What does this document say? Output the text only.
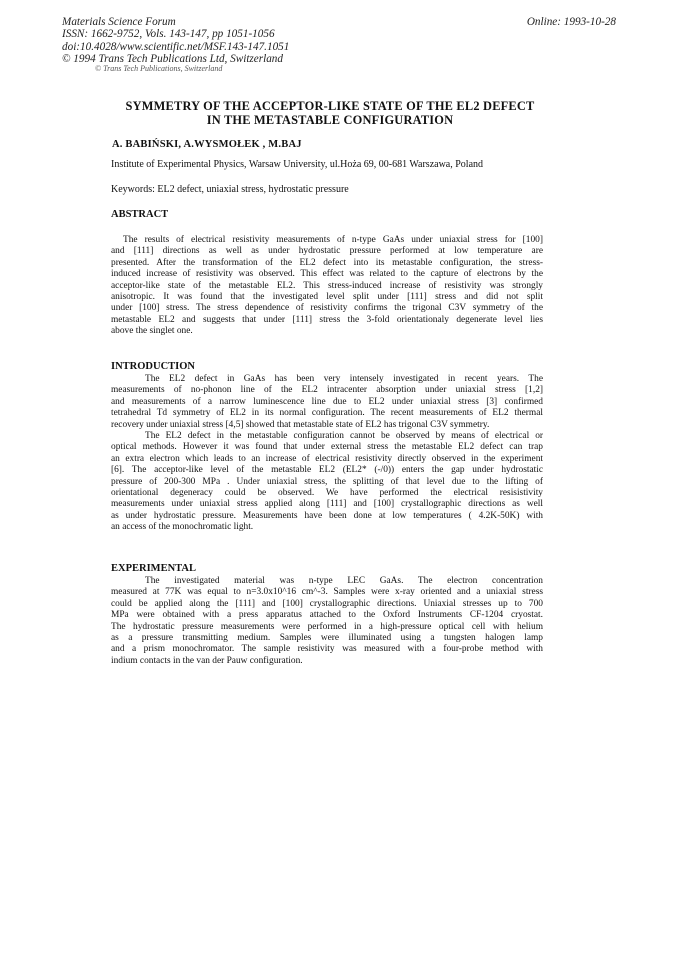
Materials Science Forum
ISSN: 1662-9752, Vols. 143-147, pp 1051-1056
doi:10.4028/www.scientific.net/MSF.143-147.1051
© 1994 Trans Tech Publications Ltd, Switzerland
Online: 1993-10-28
© Trans Tech Publications, Switzerland
SYMMETRY OF THE ACCEPTOR-LIKE STATE OF THE EL2 DEFECT
IN THE METASTABLE CONFIGURATION
A. BABIŃSKI, A.WYSMOŁEK , M.BAJ
Institute of Experimental Physics, Warsaw University, ul.Hoża 69, 00-681 Warszawa, Poland
Keywords: EL2 defect, uniaxial stress, hydrostatic pressure
ABSTRACT
The results of electrical resistivity measurements of n-type GaAs under uniaxial stress for [100]
and [111] directions as well as under hydrostatic pressure performed at low temperature are
presented. After the transformation of the EL2 defect into its metastable configuration, the stress-
induced increase of resistivity was observed. This effect was related to the capture of electrons by the
acceptor-like state of the metastable EL2. This stress-induced increase of resistivity was strongly
anisotropic. It was found that the investigated level split under [111] stress and did not split
under [100] stress. The stress dependence of resistivity confirms the trigonal C3V symmetry of the
metastable EL2 and suggests that under [111] stress the 3-fold orientationaly degenerate level lies
above the singlet one.
INTRODUCTION
The EL2 defect in GaAs has been very intensely investigated in recent years. The
measurements of no-phonon line of the EL2 intracenter absorption under uniaxial stress [1,2]
and measurements of a narrow luminescence line due to EL2 under uniaxial stress [3] confirmed
tetrahedral Td symmetry of EL2 in its normal configuration. The recent measurements of EL2 thermal
recovery under uniaxial stress [4,5] showed that metastable state of EL2 has trigonal C3V symmetry.
The EL2 defect in the metastable configuration cannot be observed by means of electrical or
optical methods. However it was found that under external stress the metastable EL2 defect can trap
an extra electron which leads to an increase of electrical resistivity directly observed in the experiment
[6]. The acceptor-like level of the metastable EL2 (EL2* (-/0)) enters the gap under hydrostatic
pressure of 200-300 MPa . Under uniaxial stress, the splitting of that level due to the lifting of
orientational degeneracy could be observed. We have performed the electrical resisistivity
measurements under uniaxial stress applied along [111] and [100] crystallographic directions as well
as under hydrostatic pressure. Measurements have been done at low temperatures ( 4.2K-50K) with
an access of the monochromatic light.
EXPERIMENTAL
The investigated material was n-type LEC GaAs. The electron concentration
measured at 77K was equal to n=3.0x10^16 cm^-3. Samples were x-ray oriented and a uniaxial stress
could be applied along the [111] and [100] crystallographic directions. Uniaxial stresses up to 700
MPa were obtained with a press apparatus attached to the Oxford Instruments CF-1204 cryostat.
The hydrostatic pressure measurements were performed in a high-pressure optical cell with helium
as a pressure transmitting medium. Samples were illuminated using a tungsten halogen lamp
and a prism monochromator. The sample resistivity was measured with a four-probe method with
indium contacts in the van der Pauw configuration.
